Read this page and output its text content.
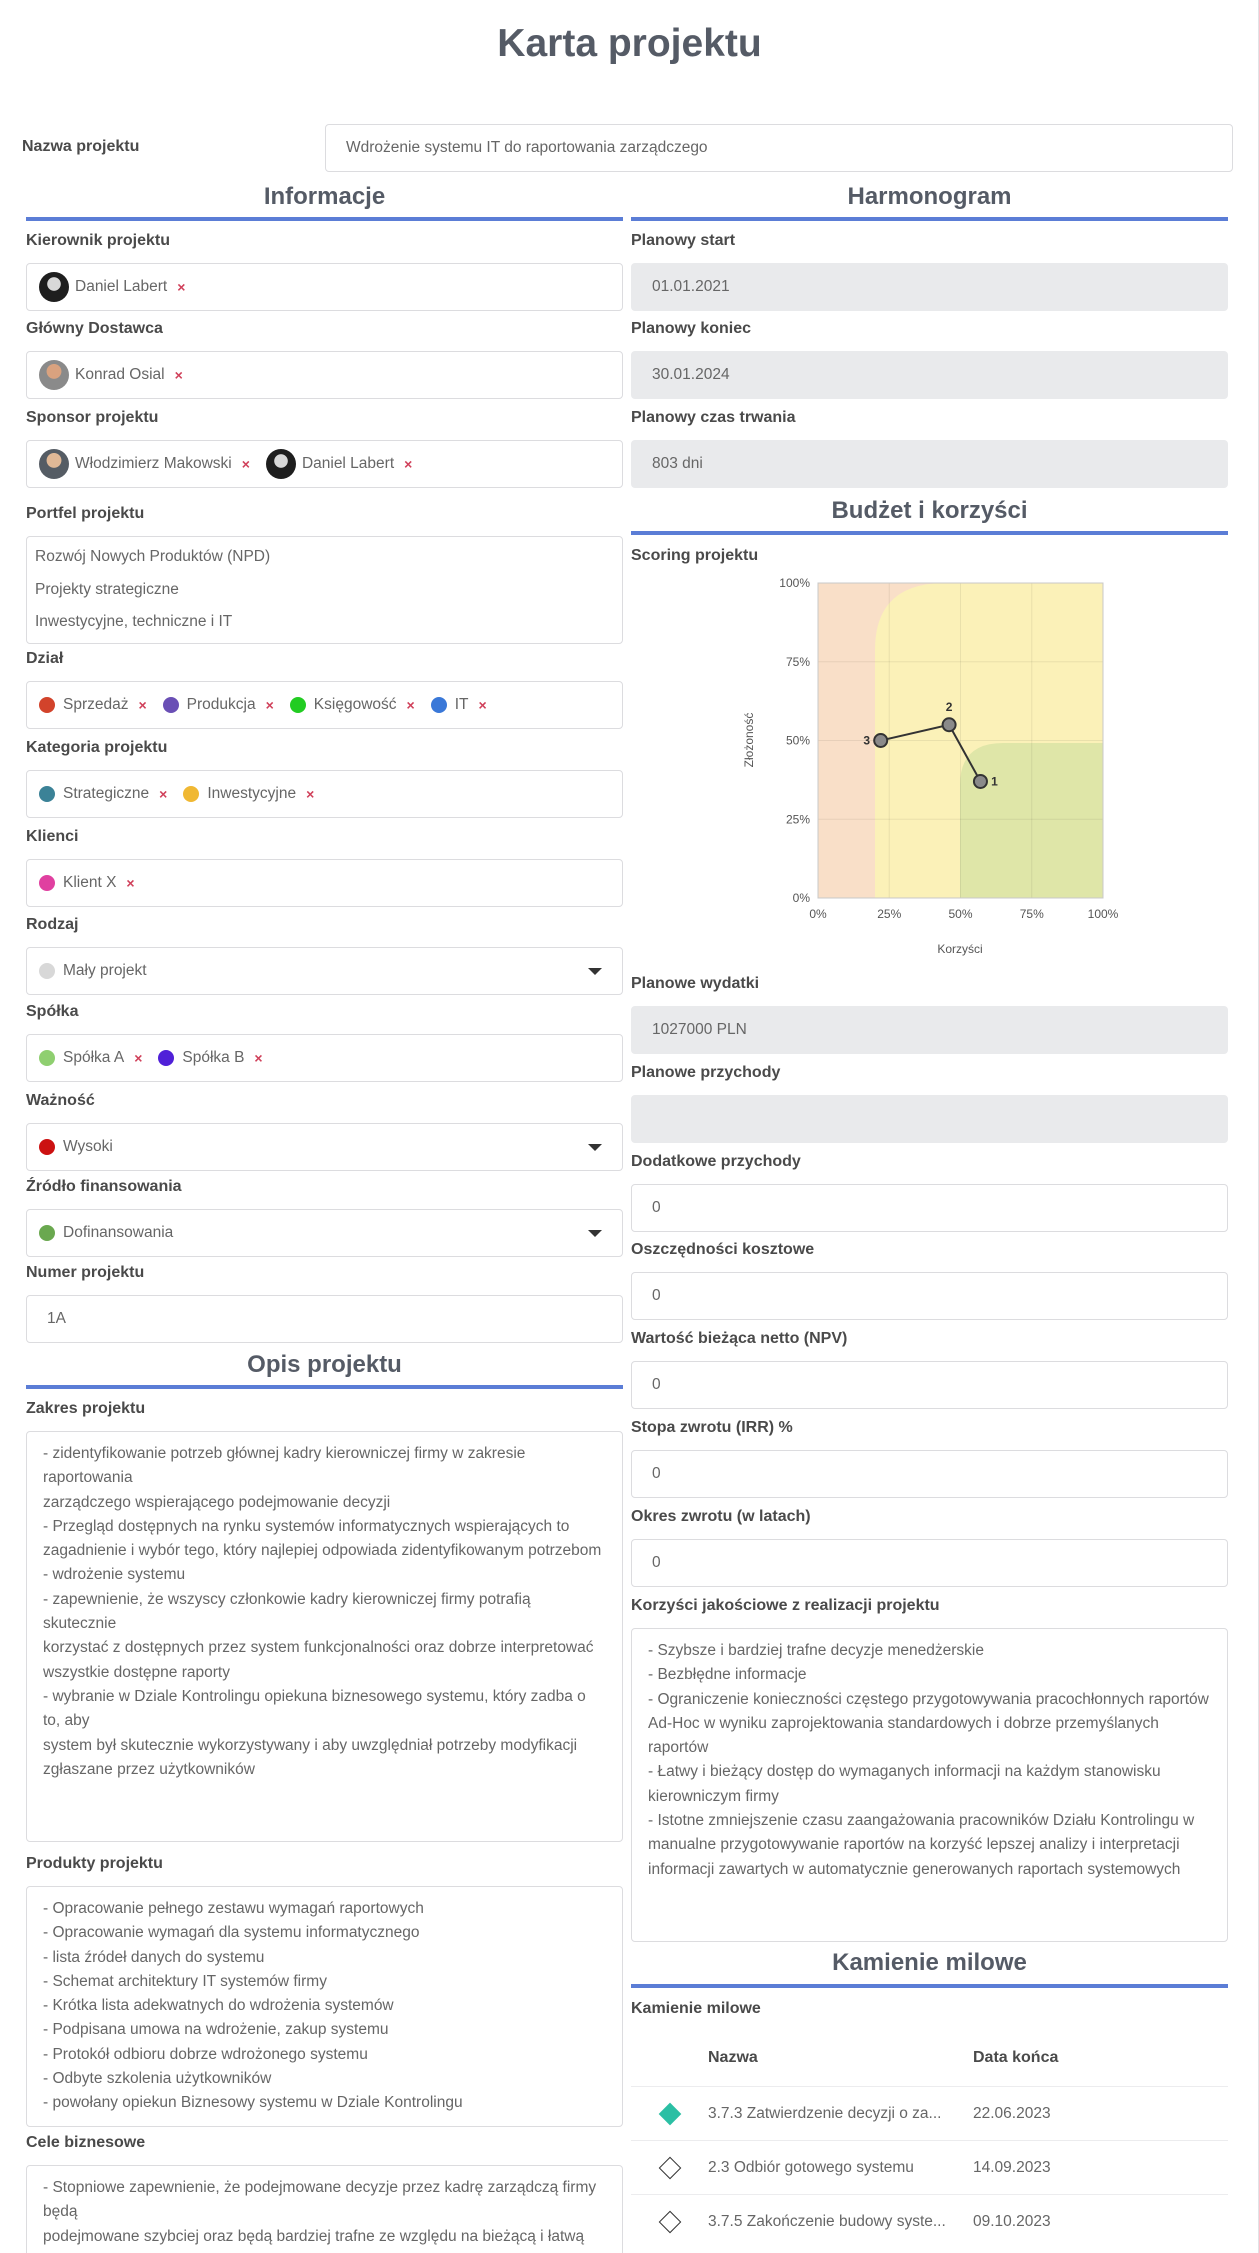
Karta projektu
Nazwa projektu	Wdrożenie systemu IT do raportowania zarządczego
Informacje	Harmonogram
Kierownik projektu
Daniel Labert ×
Główny Dostawca
Konrad Osial ×
Sponsor projektu
Włodzimierz Makowski ×	Daniel Labert ×
Portfel projektu
Rozwój Nowych Produktów (NPD)
Projekty strategiczne
Inwestycyjne, techniczne i IT
Dział
Sprzedaż ×	Produkcja ×	Księgowość ×	IT ×
Kategoria projektu
Strategiczne ×	Inwestycyjne ×
Klienci
Klient X ×
Rodzaj
Mały projekt
Spółka
Spółka A ×	Spółka B ×
Ważność
Wysoki
Źródło finansowania
Dofinansowania
Numer projektu
1A
Opis projektu
Zakres projektu
- zidentyfikowanie potrzeb głównej kadry kierowniczej firmy w zakresie raportowania
zarządczego wspierającego podejmowanie decyzji
- Przegląd dostępnych na rynku systemów informatycznych wspierających to zagadnienie i wybór tego, który najlepiej odpowiada zidentyfikowanym potrzebom
- wdrożenie systemu
- zapewnienie, że wszyscy członkowie kadry kierowniczej firmy potrafią skutecznie
korzystać z dostępnych przez system funkcjonalności oraz dobrze interpretować
wszystkie dostępne raporty
- wybranie w Dziale Kontrolingu opiekuna biznesowego systemu, który zadba o to, aby
system był skutecznie wykorzystywany i aby uwzględniał potrzeby modyfikacji zgłaszane przez użytkowników
Produkty projektu
- Opracowanie pełnego zestawu wymagań raportowych
- Opracowanie wymagań dla systemu informatycznego
- lista źródeł danych do systemu
- Schemat architektury IT systemów firmy
- Krótka lista adekwatnych do wdrożenia systemów
- Podpisana umowa na wdrożenie, zakup systemu
- Protokół odbioru dobrze wdrożonego systemu
- Odbyte szkolenia użytkowników
- powołany opiekun Biznesowy systemu w Dziale Kontrolingu
Cele biznesowe
- Stopniowe zapewnienie, że podejmowane decyzje przez kadrę zarządczą firmy będą
podejmowane szybciej oraz będą bardziej trafne ze względu na bieżącą i łatwą
Planowy start
01.01.2021
Planowy koniec
30.01.2024
Planowy czas trwania
803 dni
Budżet i korzyści
Scoring projektu
0%
25%
50%
75%
100%
0%	25%	50%	75%	100%
Korzyści
Złożoność
1
2
3
Planowe wydatki
1027000 PLN
Planowe przychody
Dodatkowe przychody
0
Oszczędności kosztowe
0
Wartość bieżąca netto (NPV)
0
Stopa zwrotu (IRR) %
0
Okres zwrotu (w latach)
0
Korzyści jakościowe z realizacji projektu
- Szybsze i bardziej trafne decyzje menedżerskie
- Bezbłędne informacje
- Ograniczenie konieczności częstego przygotowywania pracochłonnych raportów
Ad-Hoc w wyniku zaprojektowania standardowych i dobrze przemyślanych raportów
- Łatwy i bieżący dostęp do wymaganych informacji na każdym stanowisku kierowniczym firmy
- Istotne zmniejszenie czasu zaangażowania pracowników Działu Kontrolingu w
manualne przygotowywanie raportów na korzyść lepszej analizy i interpretacji informacji zawartych w automatycznie generowanych raportach systemowych
Kamienie milowe
Kamienie milowe
Nazwa	Data końca
3.7.3 Zatwierdzenie decyzji o za...	22.06.2023
2.3 Odbiór gotowego systemu	14.09.2023
3.7.5 Zakończenie budowy syste...	09.10.2023
